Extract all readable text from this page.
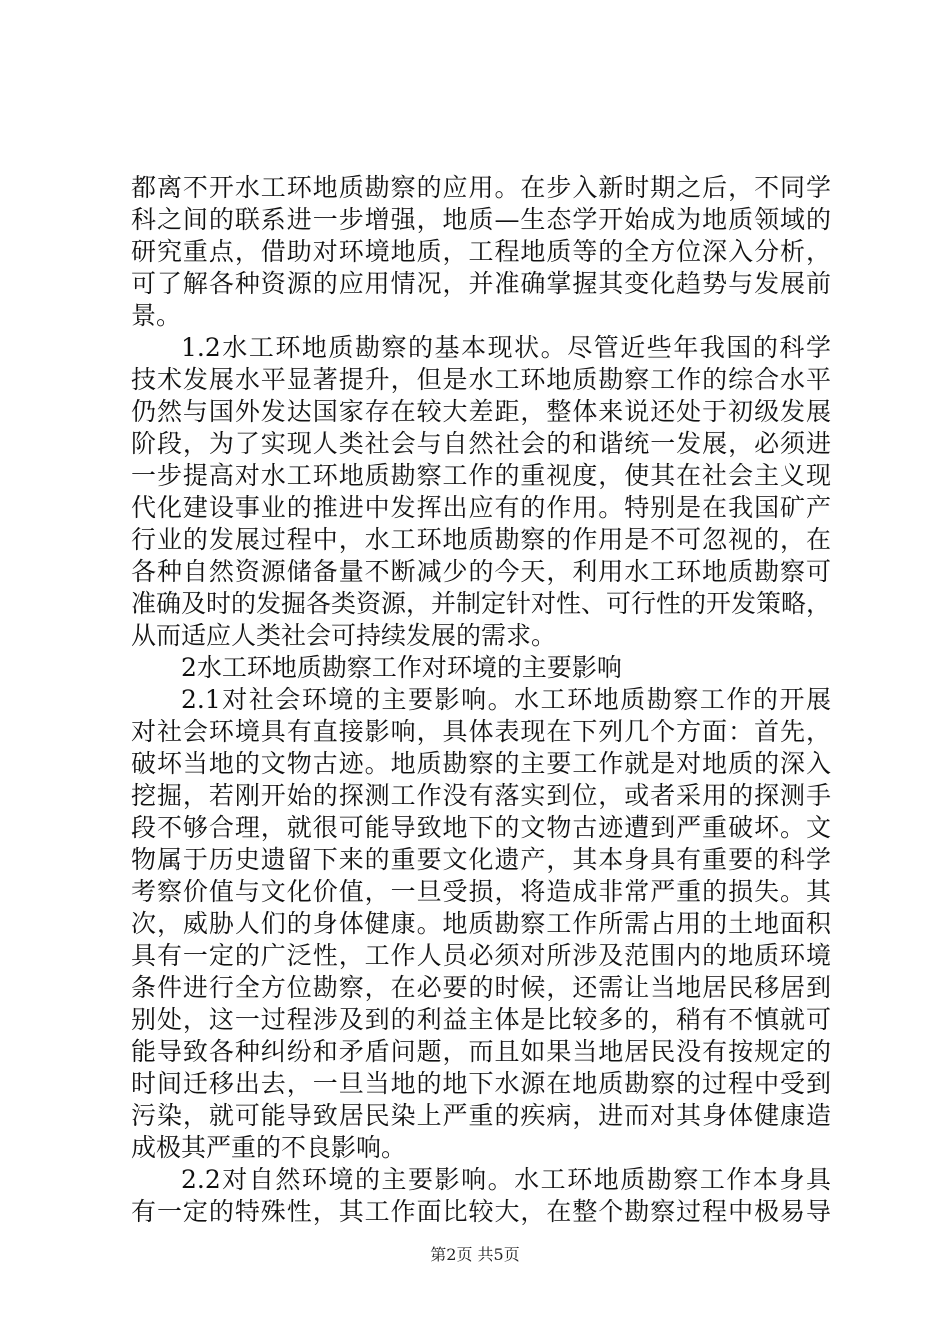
都离不开水工环地质勘察的应用。在步入新时期之后，不同学
科之间的联系进一步增强，地质—生态学开始成为地质领域的
研究重点，借助对环境地质，工程地质等的全方位深入分析，
可了解各种资源的应用情况，并准确掌握其变化趋势与发展前
景。
1.2水工环地质勘察的基本现状。尽管近些年我国的科学
技术发展水平显著提升，但是水工环地质勘察工作的综合水平
仍然与国外发达国家存在较大差距，整体来说还处于初级发展
阶段，为了实现人类社会与自然社会的和谐统一发展，必须进
一步提高对水工环地质勘察工作的重视度，使其在社会主义现
代化建设事业的推进中发挥出应有的作用。特别是在我国矿产
行业的发展过程中，水工环地质勘察的作用是不可忽视的，在
各种自然资源储备量不断减少的今天，利用水工环地质勘察可
准确及时的发掘各类资源，并制定针对性、可行性的开发策略，
从而适应人类社会可持续发展的需求。
2水工环地质勘察工作对环境的主要影响
2.1对社会环境的主要影响。水工环地质勘察工作的开展
对社会环境具有直接影响，具体表现在下列几个方面：首先，
破坏当地的文物古迹。地质勘察的主要工作就是对地质的深入
挖掘，若刚开始的探测工作没有落实到位，或者采用的探测手
段不够合理，就很可能导致地下的文物古迹遭到严重破坏。文
物属于历史遗留下来的重要文化遗产，其本身具有重要的科学
考察价值与文化价值，一旦受损，将造成非常严重的损失。其
次，威胁人们的身体健康。地质勘察工作所需占用的土地面积
具有一定的广泛性，工作人员必须对所涉及范围内的地质环境
条件进行全方位勘察，在必要的时候，还需让当地居民移居到
别处，这一过程涉及到的利益主体是比较多的，稍有不慎就可
能导致各种纠纷和矛盾问题，而且如果当地居民没有按规定的
时间迁移出去，一旦当地的地下水源在地质勘察的过程中受到
污染，就可能导致居民染上严重的疾病，进而对其身体健康造
成极其严重的不良影响。
2.2对自然环境的主要影响。水工环地质勘察工作本身具
有一定的特殊性，其工作面比较大，在整个勘察过程中极易导
第2页 共5页
